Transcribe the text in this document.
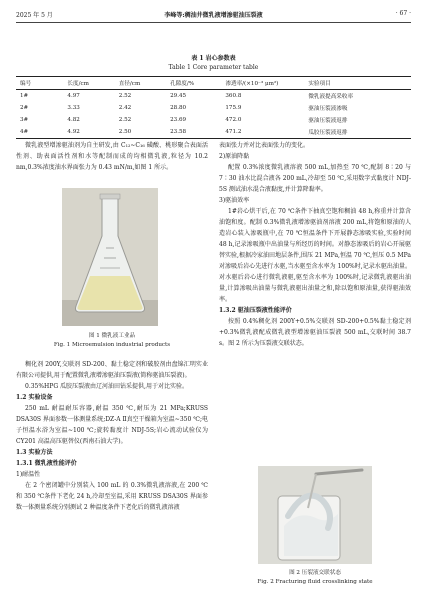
2025 年 5 月	李峰等:稠油井微乳液增渗驱油压裂液	· 67 ·
表 1 岩心参数表
Table 1 Core parameter table
编号	长度/cm	直径/cm	孔隙度/%	渗透率/(×10⁻³ μm²)	实验项目
1#	4.97	2.52	29.45	360.8	微乳液提高采收率
2#	3.33	2.42	28.80	175.9	驱油压裂液渗吸
3#	4.82	2.52	23.69	472.0	驱油压裂液返排
4#	4.92	2.50	23.58	471.2	瓜胶压裂液返排

微乳液型增渗驱油剂为自主研发,由 C₁₂~C₁₆ 磺酸、桃形聚合表面活性剂、助表面活性剂和水等配制而成的均相微乳液,粒径为 10.2 nm,0.3%浓度油水界面张力为 0.43 mN/m,如图 1 所示。

图 1 微乳液工业品
Fig. 1 Microemulsion industrial products

稠化剂 200Y,交联剂 SD-200、黏土稳定剂和破胶剂由盘锦汇明实业有限公司提供,用于配置微乳液增渗驱油压裂液(简称驱油压裂液)。

0.35%HPG 瓜胶压裂液由辽河油田钻采提供,用于对比实验。

1.2 实验设备

250 mL 耐温耐压容器,耐温 350 ℃,耐压为 21 MPa;KRUSS DSA30S 界面参数一体测量系统;DZ-A Ⅱ真空干燥箱为室温~350 ℃;电子恒温水浴为室温~100 ℃;旋转黏度计 NDJ-5S;岩心流动试验仪为 CY201 高温高压驱替仪(西南石油大学)。

1.3 实验方法

1.3.1 微乳液性能评价

1)耐温性

在 2 个密闭罐中分别装入 100 mL 的 0.3%微乳液溶液,在 200 ℃和 350 ℃条件下老化 24 h,冷却至室温,采用 KRUSS DSA30S 界面参数一体测量系统分别测试 2 种温度条件下老化后的微乳液溶液

表面张力并对比表面张力的变化。

2)原油降黏

配置 0.3%浓度微乳液溶液 500 mL,加热至 70 ℃,配制 8∶20 与 7∶30 油水比混合液各 200 mL,冷却至 50 ℃,采用数字式黏度计 NDJ-5S 测试油水混合液黏度,并计算降黏率。

3)驱油效率

1#岩心烘干后,在 70 ℃条件下抽真空饱和稠油 48 h,称重并计算含油饱和度。配制 0.3%微乳液增渗驱油剂溶液 200 mL,将饱和原油的人造岩心装入渗吸瓶中,在 70 ℃恒温条件下开展静态渗吸实验,实验时间 48 h,记录渗吸瓶中出油量与所经历的时间。对静态渗吸后的岩心开展驱替实验,根据冷家油田地层条件,围压 21 MPa,恒温 70 ℃,恒压 0.5 MPa 对渗吸后岩心先进行水驱,当水驱至含水率为 100%时,记录水驱出油量。对水驱后岩心进行微乳液驱,驱至含水率为 100%时,记录微乳液驱出油量,计算渗吸出油量与微乳液驱出油量之和,除以饱和原油量,获得驱油效率。

1.3.2 驱油压裂液性能评价

按照 0.4%稠化剂 200Y+0.5%交联剂 SD-200+0.5%黏土稳定剂+0.3%微乳液配成微乳液型增渗驱油压裂液 500 mL,交联时间 38.7 s。图 2 所示为压裂液交联状态。

图 2 压裂液交联状态
Fig. 2 Fracturing fluid crosslinking state
